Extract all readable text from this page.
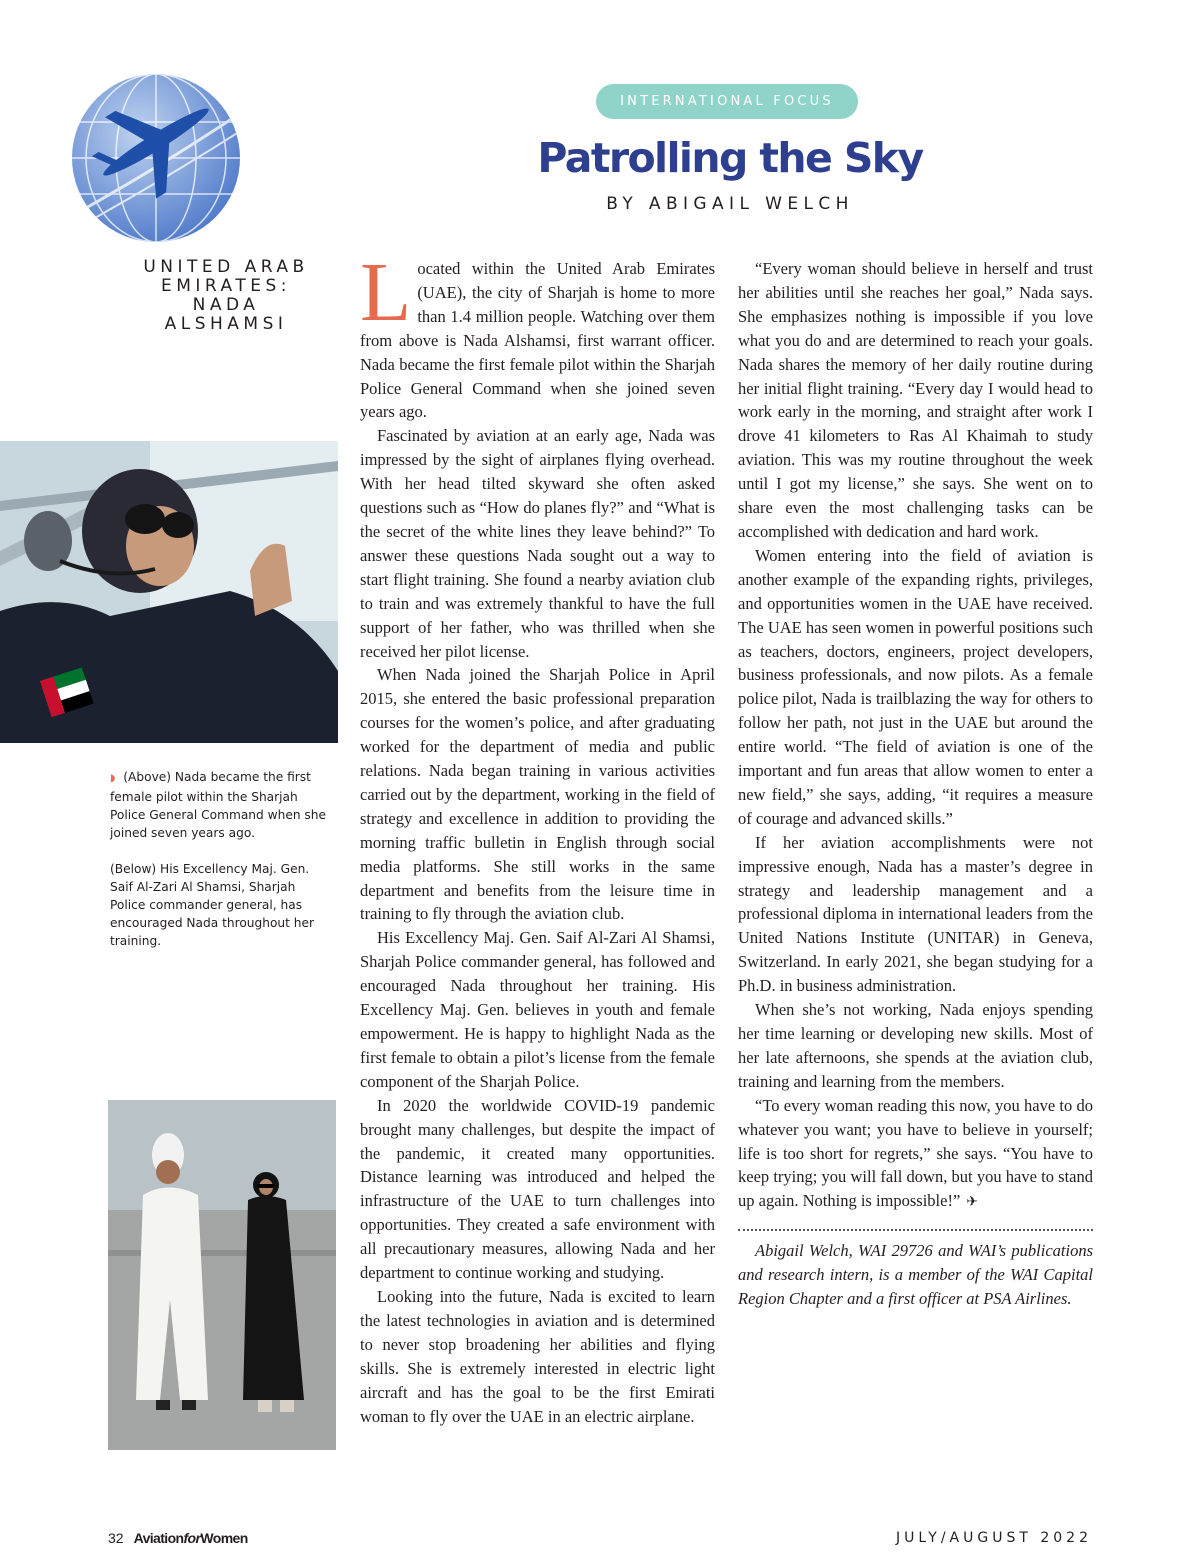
INTERNATIONAL FOCUS
Patrolling the Sky
BY ABIGAIL WELCH
UNITED ARAB
EMIRATES:
NADA
ALSHAMSI

◗ (Above) Nada became the first female pilot within the Sharjah Police General Command when she joined seven years ago.

(Below) His Excellency Maj. Gen. Saif Al-Zari Al Shamsi, Sharjah Police commander general, has encouraged Nada throughout her training.

Located within the United Arab Emirates (UAE), the city of Sharjah is home to more than 1.4 million people. Watching over them from above is Nada Alshamsi, first warrant officer. Nada became the first female pilot within the Sharjah Police General Command when she joined seven years ago.

Fascinated by aviation at an early age, Nada was impressed by the sight of airplanes flying overhead. With her head tilted skyward she often asked questions such as “How do planes fly?” and “What is the secret of the white lines they leave behind?” To answer these questions Nada sought out a way to start flight training. She found a nearby aviation club to train and was extremely thankful to have the full support of her father, who was thrilled when she received her pilot license.

When Nada joined the Sharjah Police in April 2015, she entered the basic professional preparation courses for the women’s police, and after graduating worked for the department of media and public relations. Nada began training in various activities carried out by the department, working in the field of strategy and excellence in addition to providing the morning traffic bulletin in English through social media platforms. She still works in the same department and benefits from the leisure time in training to fly through the aviation club.

His Excellency Maj. Gen. Saif Al-Zari Al Shamsi, Sharjah Police commander general, has followed and encouraged Nada throughout her training. His Excellency Maj. Gen. believes in youth and female empowerment. He is happy to highlight Nada as the first female to obtain a pilot’s license from the female component of the Sharjah Police.

In 2020 the worldwide COVID-19 pandemic brought many challenges, but despite the impact of the pandemic, it created many opportunities. Distance learning was introduced and helped the infrastructure of the UAE to turn challenges into opportunities. They created a safe environment with all precautionary measures, allowing Nada and her department to continue working and studying.

Looking into the future, Nada is excited to learn the latest technologies in aviation and is determined to never stop broadening her abilities and flying skills. She is extremely interested in electric light aircraft and has the goal to be the first Emirati woman to fly over the UAE in an electric airplane.

“Every woman should believe in herself and trust her abilities until she reaches her goal,” Nada says. She emphasizes nothing is impossible if you love what you do and are determined to reach your goals. Nada shares the memory of her daily routine during her initial flight training. “Every day I would head to work early in the morning, and straight after work I drove 41 kilometers to Ras Al Khaimah to study aviation. This was my routine throughout the week until I got my license,” she says. She went on to share even the most challenging tasks can be accomplished with dedication and hard work.

Women entering into the field of aviation is another example of the expanding rights, privileges, and opportunities women in the UAE have received. The UAE has seen women in powerful positions such as teachers, doctors, engineers, project developers, business professionals, and now pilots. As a female police pilot, Nada is trailblazing the way for others to follow her path, not just in the UAE but around the entire world. “The field of aviation is one of the important and fun areas that allow women to enter a new field,” she says, adding, “it requires a measure of courage and advanced skills.”

If her aviation accomplishments were not impressive enough, Nada has a master’s degree in strategy and leadership management and a professional diploma in international leaders from the United Nations Institute (UNITAR) in Geneva, Switzerland. In early 2021, she began studying for a Ph.D. in business administration.

When she’s not working, Nada enjoys spending her time learning or developing new skills. Most of her late afternoons, she spends at the aviation club, training and learning from the members.

“To every woman reading this now, you have to do whatever you want; you have to believe in yourself; life is too short for regrets,” she says. “You have to keep trying; you will fall down, but you have to stand up again. Nothing is impossible!” ✈

Abigail Welch, WAI 29726 and WAI’s publications and research intern, is a member of the WAI Capital Region Chapter and a first officer at PSA Airlines.

32 AviationforWomen	JULY/AUGUST 2022
